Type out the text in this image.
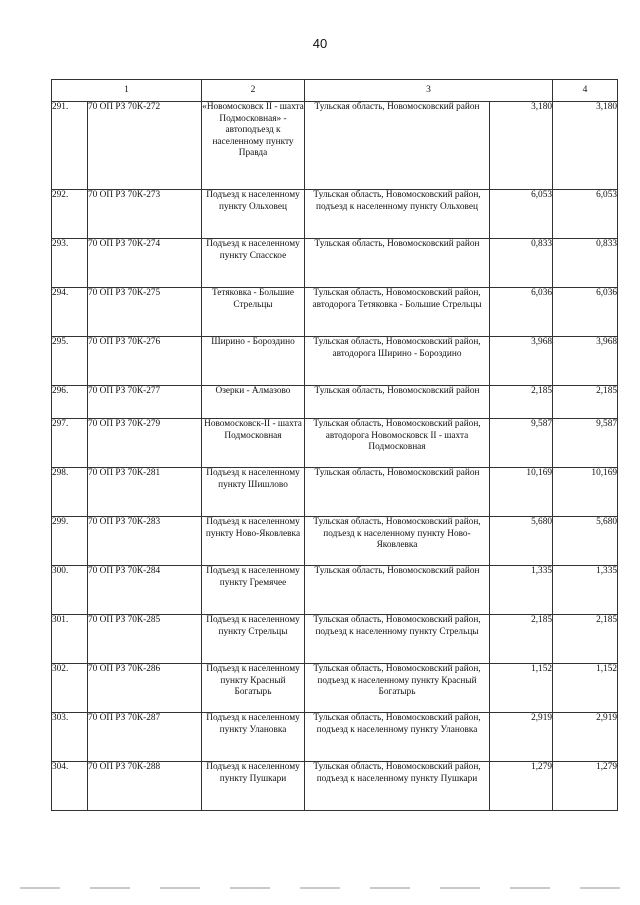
40
1		2	3		4
291.	70 ОП РЗ 70К-272	«Новомосковск II - шахта Подмосковная» - автоподъезд к населенному пункту Правда	Тульская область, Новомосковский район	3,180	3,180
292.	70 ОП РЗ 70К-273	Подъезд к населенному пункту Ольховец	Тульская область, Новомосковский район, подъезд к населенному пункту Ольховец	6,053	6,053
293.	70 ОП РЗ 70К-274	Подъезд к населенному пункту Спасское	Тульская область, Новомосковский район	0,833	0,833
294.	70 ОП РЗ 70К-275	Тетяковка - Большие Стрельцы	Тульская область, Новомосковский район, автодорога Тетяковка - Большие Стрельцы	6,036	6,036
295.	70 ОП РЗ 70К-276	Ширино - Бороздино	Тульская область, Новомосковский район, автодорога Ширино - Бороздино	3,968	3,968
296.	70 ОП РЗ 70К-277	Озерки - Алмазово	Тульская область, Новомосковский район	2,185	2,185
297.	70 ОП РЗ 70К-279	Новомосковск-II - шахта Подмосковная	Тульская область, Новомосковский район, автодорога Новомосковск II - шахта Подмосковная	9,587	9,587
298.	70 ОП РЗ 70К-281	Подъезд к населенному пункту Шишлово	Тульская область, Новомосковский район	10,169	10,169
299.	70 ОП РЗ 70К-283	Подъезд к населенному пункту Ново-Яковлевка	Тульская область, Новомосковский район, подъезд к населенному пункту Ново-Яковлевка	5,680	5,680
300.	70 ОП РЗ 70К-284	Подъезд к населенному пункту Гремячее	Тульская область, Новомосковский район	1,335	1,335
301.	70 ОП РЗ 70К-285	Подъезд к населенному пункту Стрельцы	Тульская область, Новомосковский район, подъезд к населенному пункту Стрельцы	2,185	2,185
302.	70 ОП РЗ 70К-286	Подъезд к населенному пункту Красный Богатырь	Тульская область, Новомосковский район, подъезд к населенному пункту Красный Богатырь	1,152	1,152
303.	70 ОП РЗ 70К-287	Подъезд к населенному пункту Улановка	Тульская область, Новомосковский район, подъезд к населенному пункту Улановка	2,919	2,919
304.	70 ОП РЗ 70К-288	Подъезд к населенному пункту Пушкари	Тульская область, Новомосковский район, подъезд к населенному пункту Пушкари	1,279	1,279
